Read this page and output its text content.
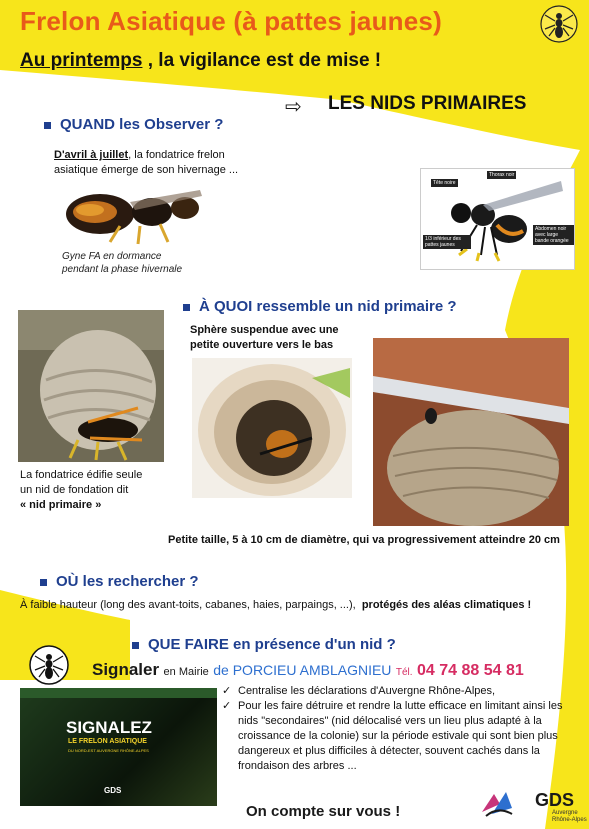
Frelon Asiatique (à pattes jaunes)
Au printemps , la vigilance est de mise !
⇨ LES NIDS PRIMAIRES
QUAND les Observer ?
D'avril à juillet, la fondatrice frelon
asiatique émerge de son hivernage ...
Gyne FA en dormance
pendant la phase hivernale
Tête noire
Thorax noir
Abdomen noir avec large bande orangée
1/3 inférieur des pattes jaunes
À QUOI ressemble un nid primaire ?
Sphère suspendue avec une
petite ouverture vers le bas
La fondatrice édifie seule
un nid de fondation dit
« nid primaire »
Petite taille, 5 à 10 cm de diamètre, qui va progressivement atteindre 20 cm
OÙ les rechercher ?
À faible hauteur (long des avant-toits, cabanes, haies, parpaings, ...), protégés des aléas climatiques !
QUE FAIRE en présence d'un nid ?
Signaler en Mairie de PORCIEU AMBLAGNIEU Tél. 04 74 88 54 81
SIGNALEZ
LE FRELON ASIATIQUE
DU NORD-EST AUVERGNE RHÔNE-ALPES
GDS
✓ Centralise les déclarations d'Auvergne Rhône-Alpes,
✓ Pour les faire détruire et rendre la lutte efficace en limitant ainsi les nids "secondaires" (nid délocalisé vers un lieu plus adapté à la croissance de la colonie) sur la période estivale qui sont bien plus dangereux et plus difficiles à détecter, souvent cachés dans la frondaison des arbres ...
On compte sur vous !
GDS
Auvergne
Rhône-Alpes
